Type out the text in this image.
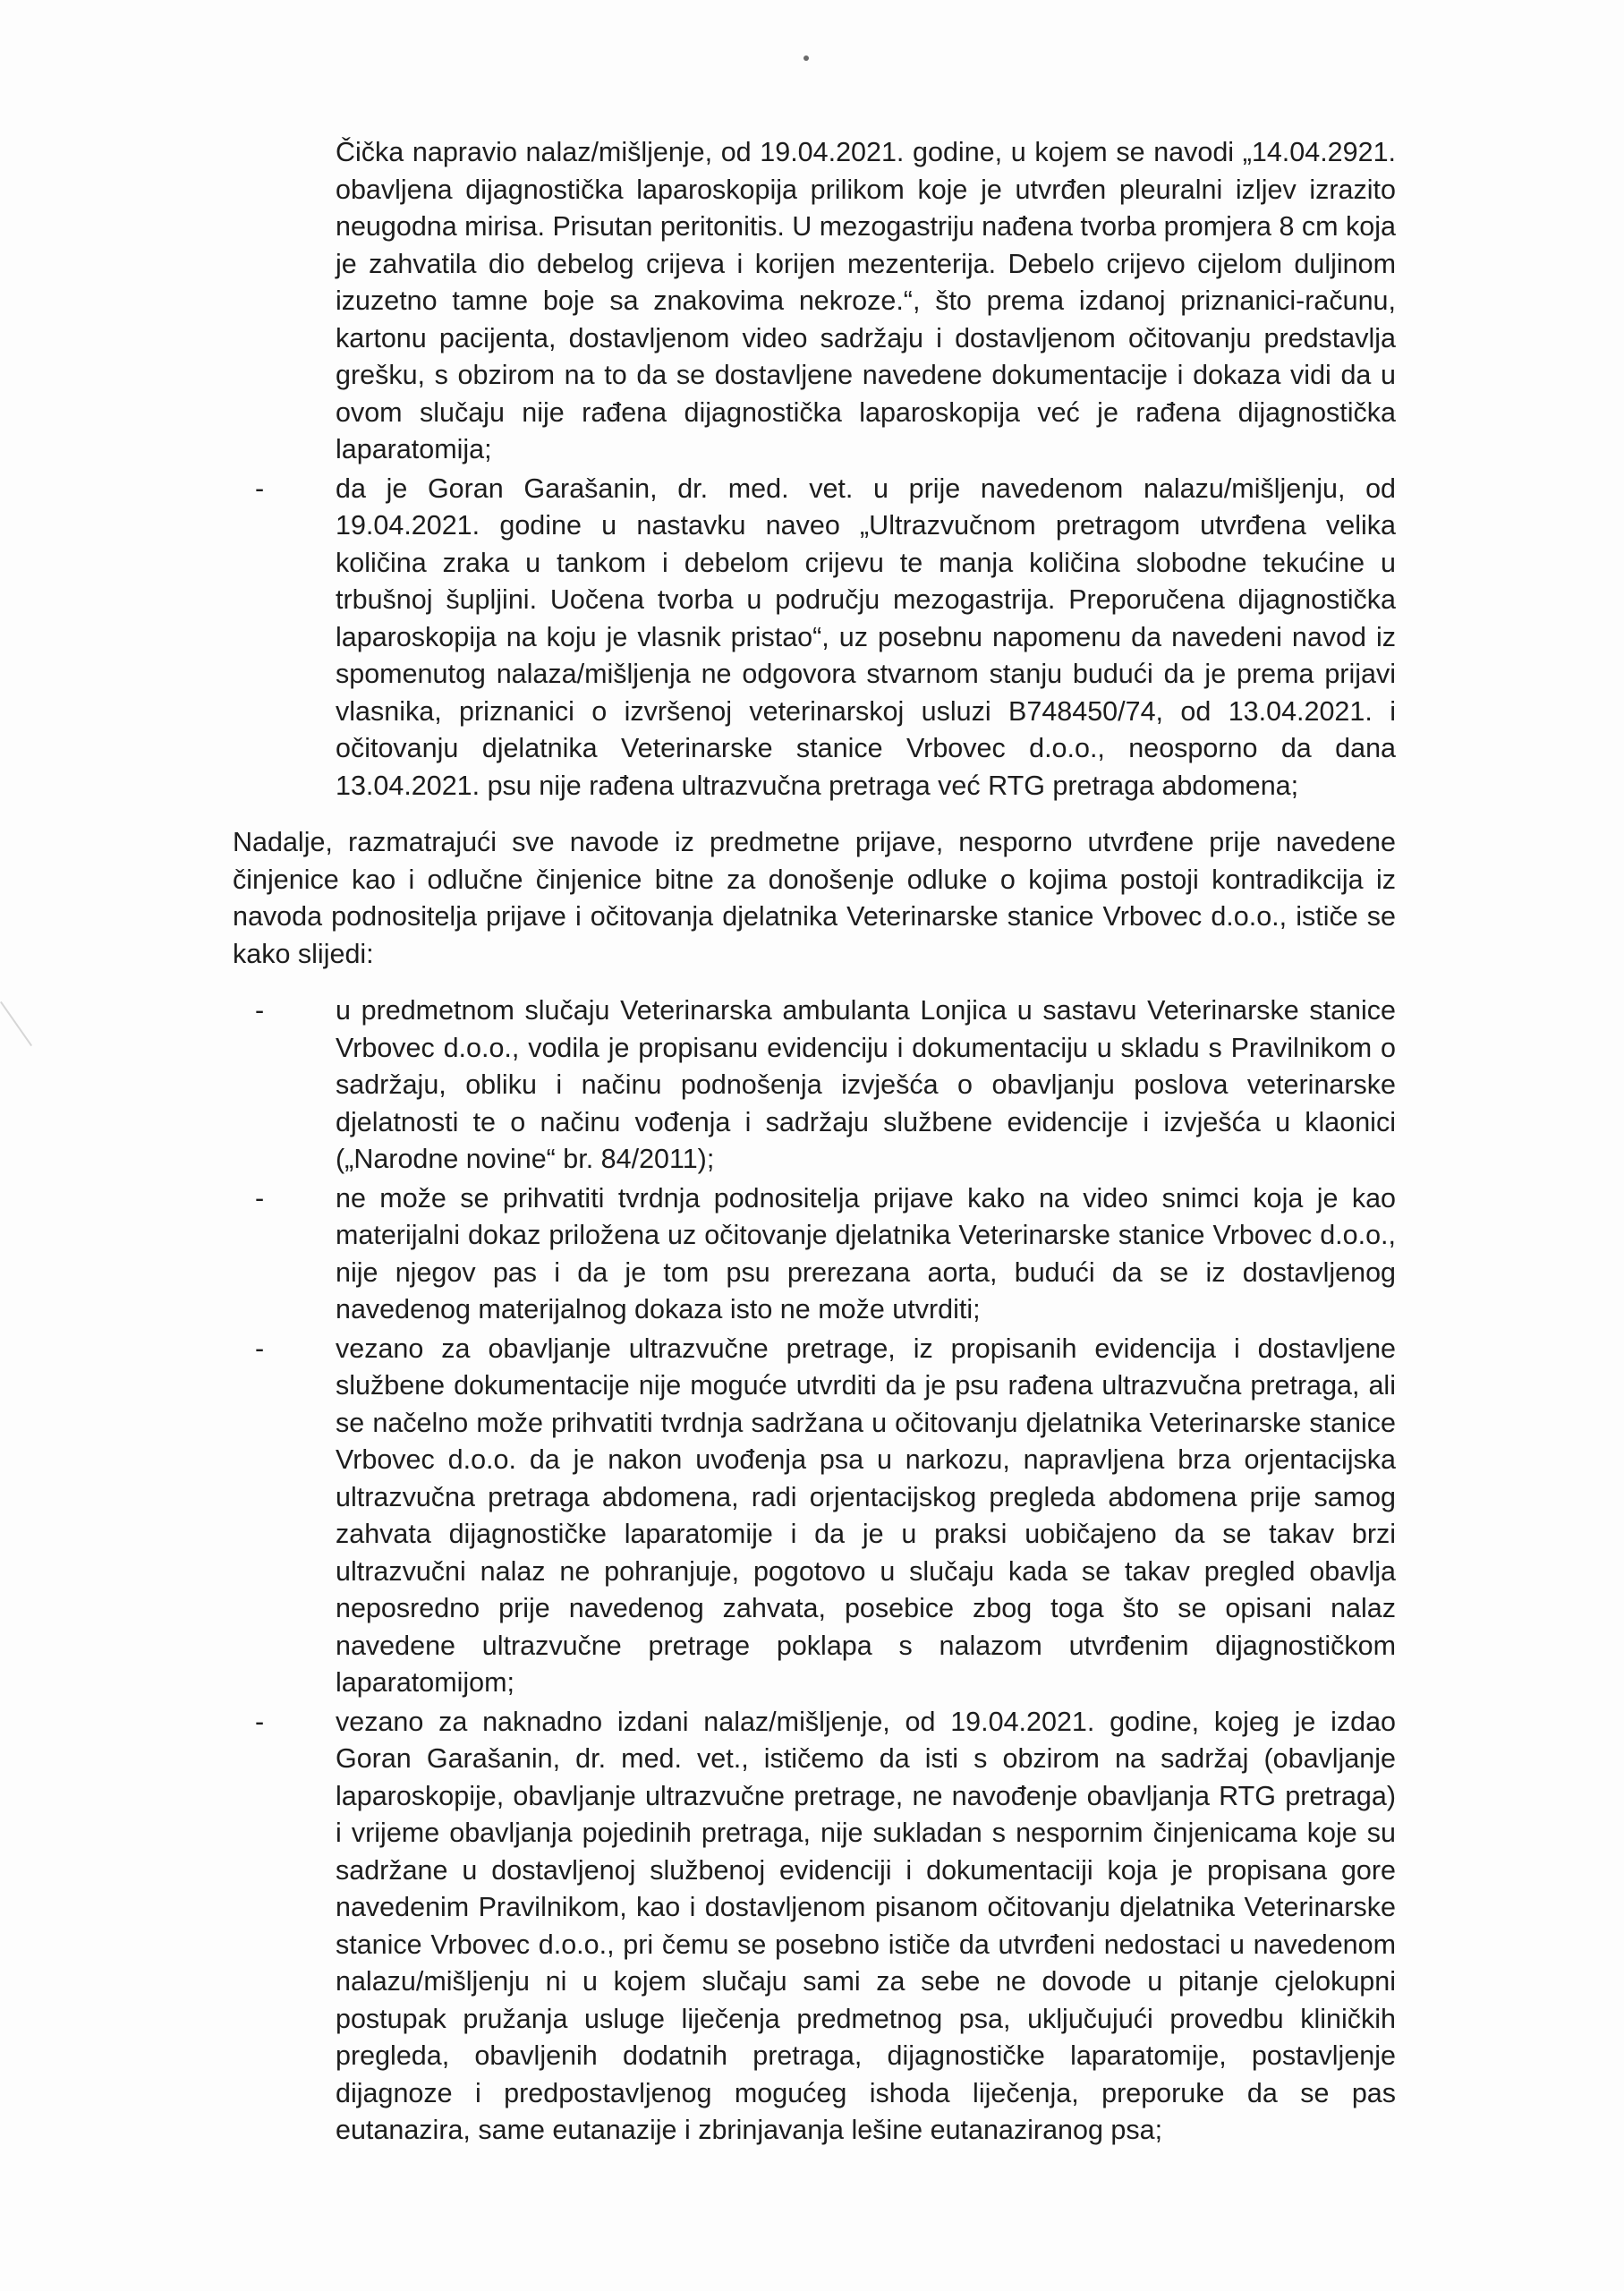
Čička napravio nalaz/mišljenje, od 19.04.2021. godine, u kojem se navodi „14.04.2921. obavljena dijagnostička laparoskopija prilikom koje je utvrđen pleuralni izljev izrazito neugodna mirisa. Prisutan peritonitis. U mezogastriju nađena tvorba promjera 8 cm koja je zahvatila dio debelog crijeva i korijen mezenterija. Debelo crijevo cijelom duljinom izuzetno tamne boje sa znakovima nekroze.“, što prema izdanoj priznanici-računu, kartonu pacijenta, dostavljenom video sadržaju i dostavljenom očitovanju predstavlja grešku, s obzirom na to da se dostavljene navedene dokumentacije i dokaza vidi da u ovom slučaju nije rađena dijagnostička laparoskopija već je rađena dijagnostička laparatomija;

-	da je Goran Garašanin, dr. med. vet. u prije navedenom nalazu/mišljenju, od 19.04.2021. godine u nastavku naveo „Ultrazvučnom pretragom utvrđena velika količina zraka u tankom i debelom crijevu te manja količina slobodne tekućine u trbušnoj šupljini. Uočena tvorba u području mezogastrija. Preporučena dijagnostička laparoskopija na koju je vlasnik pristao“, uz posebnu napomenu da navedeni navod iz spomenutog nalaza/mišljenja ne odgovora stvarnom stanju budući da je prema prijavi vlasnika, priznanici o izvršenoj veterinarskoj usluzi B748450/74, od 13.04.2021. i očitovanju djelatnika Veterinarske stanice Vrbovec d.o.o., neosporno da dana 13.04.2021. psu nije rađena ultrazvučna pretraga već RTG pretraga abdomena;

Nadalje, razmatrajući sve navode iz predmetne prijave, nesporno utvrđene prije navedene činjenice kao i odlučne činjenice bitne za donošenje odluke o kojima postoji kontradikcija iz navoda podnositelja prijave i očitovanja djelatnika Veterinarske stanice Vrbovec d.o.o., ističe se kako slijedi:

-	u predmetnom slučaju Veterinarska ambulanta Lonjica u sastavu Veterinarske stanice Vrbovec d.o.o., vodila je propisanu evidenciju i dokumentaciju u skladu s Pravilnikom o sadržaju, obliku i načinu podnošenja izvješća o obavljanju poslova veterinarske djelatnosti te o načinu vođenja i sadržaju službene evidencije i izvješća u klaonici („Narodne novine“ br. 84/2011);
-	ne može se prihvatiti tvrdnja podnositelja prijave kako na video snimci koja je kao materijalni dokaz priložena uz očitovanje djelatnika Veterinarske stanice Vrbovec d.o.o., nije njegov pas i da je tom psu prerezana aorta, budući da se iz dostavljenog navedenog materijalnog dokaza isto ne može utvrditi;
-	vezano za obavljanje ultrazvučne pretrage, iz propisanih evidencija i dostavljene službene dokumentacije nije moguće utvrditi da je psu rađena ultrazvučna pretraga, ali se načelno može prihvatiti tvrdnja sadržana u očitovanju djelatnika Veterinarske stanice Vrbovec d.o.o. da je nakon uvođenja psa u narkozu, napravljena brza orjentacijska ultrazvučna pretraga abdomena, radi orjentacijskog pregleda abdomena prije samog zahvata dijagnostičke laparatomije i da je u praksi uobičajeno da se takav brzi ultrazvučni nalaz ne pohranjuje, pogotovo u slučaju kada se takav pregled obavlja neposredno prije navedenog zahvata, posebice zbog toga što se opisani nalaz navedene ultrazvučne pretrage poklapa s nalazom utvrđenim dijagnostičkom laparatomijom;
-	vezano za naknadno izdani nalaz/mišljenje, od 19.04.2021. godine, kojeg je izdao Goran Garašanin, dr. med. vet., ističemo da isti s obzirom na sadržaj (obavljanje laparoskopije, obavljanje ultrazvučne pretrage, ne navođenje obavljanja RTG pretraga) i vrijeme obavljanja pojedinih pretraga, nije sukladan s nespornim činjenicama koje su sadržane u dostavljenoj službenoj evidenciji i dokumentaciji koja je propisana gore navedenim Pravilnikom, kao i dostavljenom pisanom očitovanju djelatnika Veterinarske stanice Vrbovec d.o.o., pri čemu se posebno ističe da utvrđeni nedostaci u navedenom nalazu/mišljenju ni u kojem slučaju sami za sebe ne dovode u pitanje cjelokupni postupak pružanja usluge liječenja predmetnog psa, uključujući provedbu kliničkih pregleda, obavljenih dodatnih pretraga, dijagnostičke laparatomije, postavljenje dijagnoze i predpostavljenog mogućeg ishoda liječenja, preporuke da se pas eutanazira, same eutanazije i zbrinjavanja lešine eutanaziranog psa;
